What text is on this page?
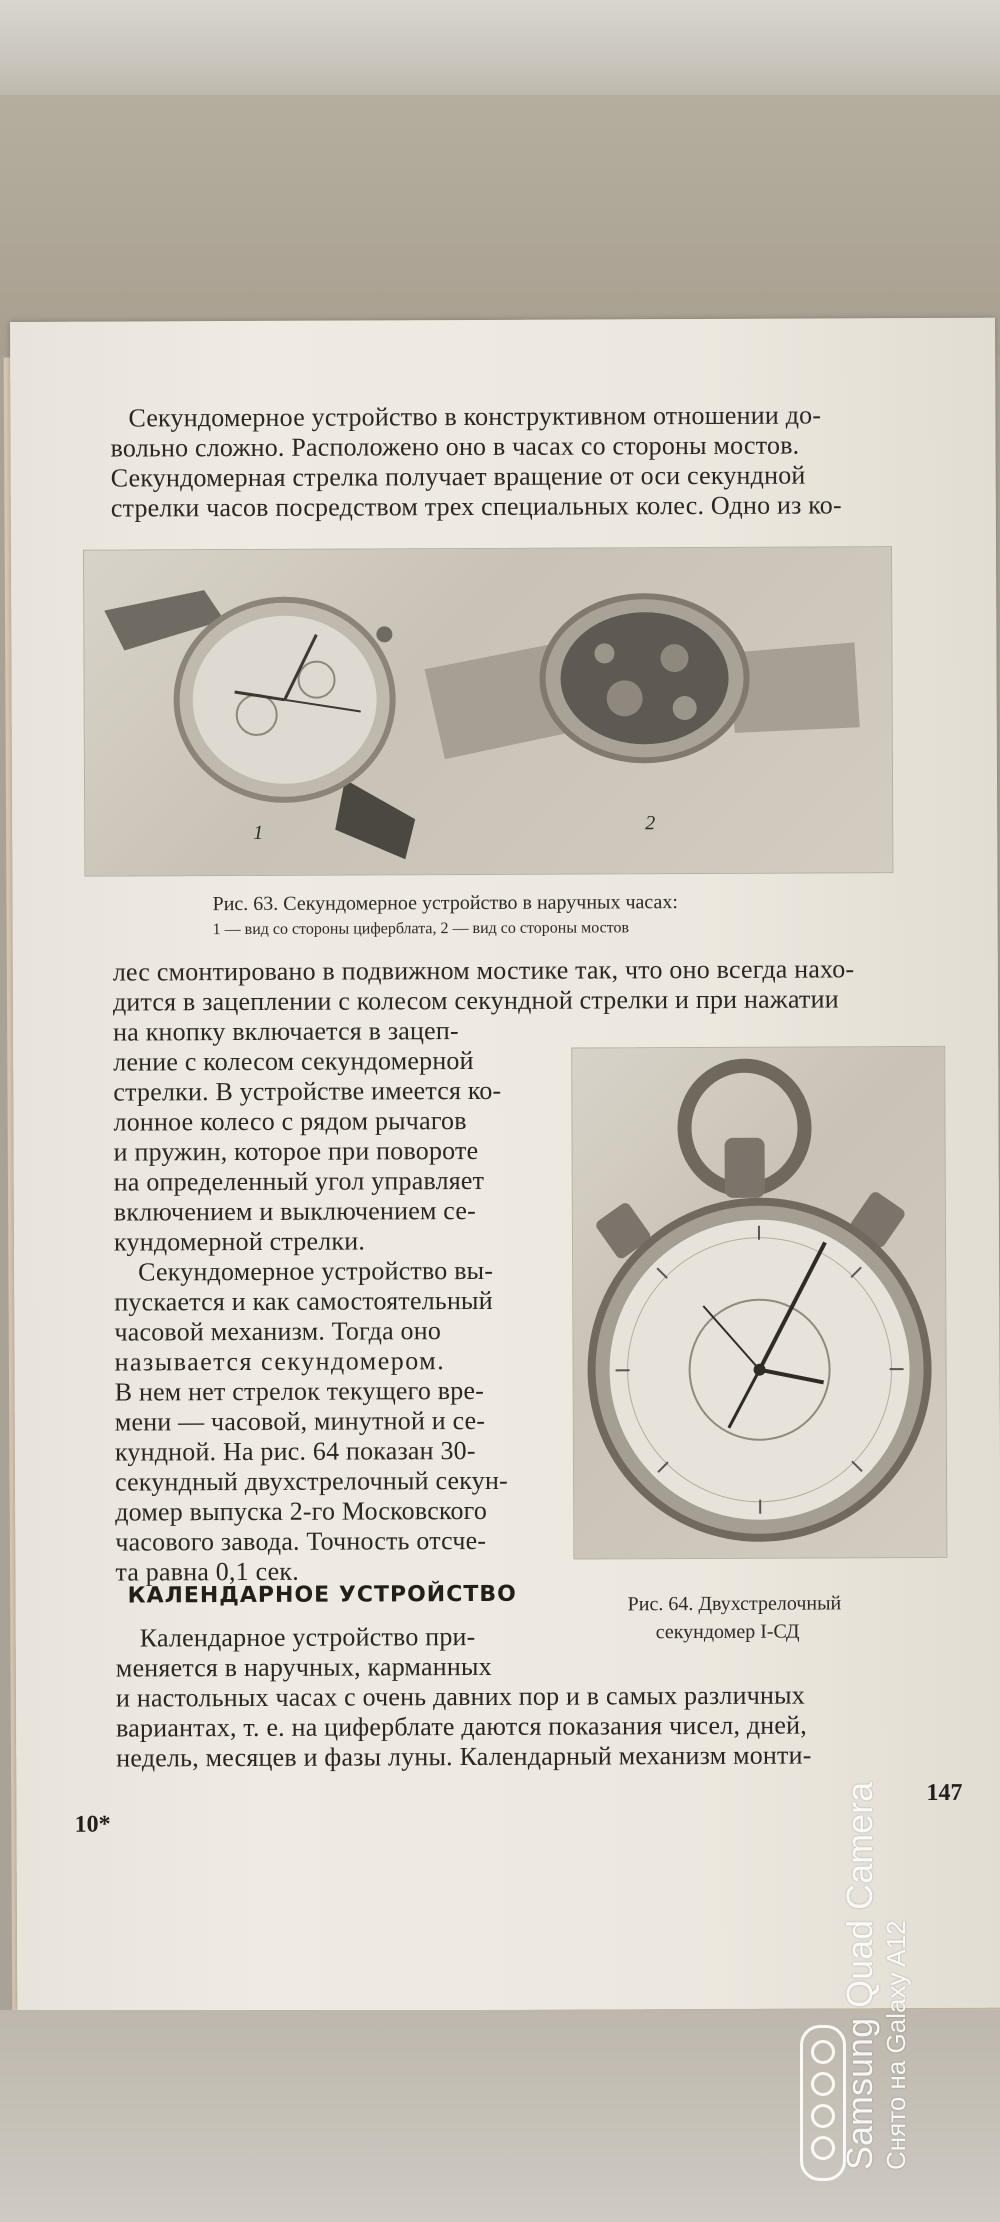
Секундомерное устройство в конструктивном отношении до-
вольно сложно. Расположено оно в часах со стороны мостов.
Секундомерная стрелка получает вращение от оси секундной
стрелки часов посредством трех специальных колес. Одно из ко-
1	2
Рис. 63. Секундомерное устройство в наручных часах:
1 — вид со стороны циферблата, 2 — вид со стороны мостов
лес смонтировано в подвижном мостике так, что оно всегда нахо-
дится в зацеплении с колесом секундной стрелки и при нажатии
на кнопку включается в зацеп-
ление с колесом секундомерной
стрелки. В устройстве имеется ко-
лонное колесо с рядом рычагов
и пружин, которое при повороте
на определенный угол управляет
включением и выключением се-
кундомерной стрелки.
Секундомерное устройство вы-
пускается и как самостоятельный
часовой механизм. Тогда оно
называется секундомером.
В нем нет стрелок текущего вре-
мени — часовой, минутной и се-
кундной. На рис. 64 показан 30-
секундный двухстрелочный секун-
домер выпуска 2-го Московского
часового завода. Точность отсче-
та равна 0,1 сек.
Рис. 64. Двухстрелочный
секундомер I-СД
КАЛЕНДАРНОЕ УСТРОЙСТВО
Календарное устройство при-
меняется в наручных, карманных
и настольных часах с очень давних пор и в самых различных
вариантах, т. е. на циферблате даются показания чисел, дней,
недель, месяцев и фазы луны. Календарный механизм монти-
147
10*	Samsung Quad Camera Снято на Galaxy A12
